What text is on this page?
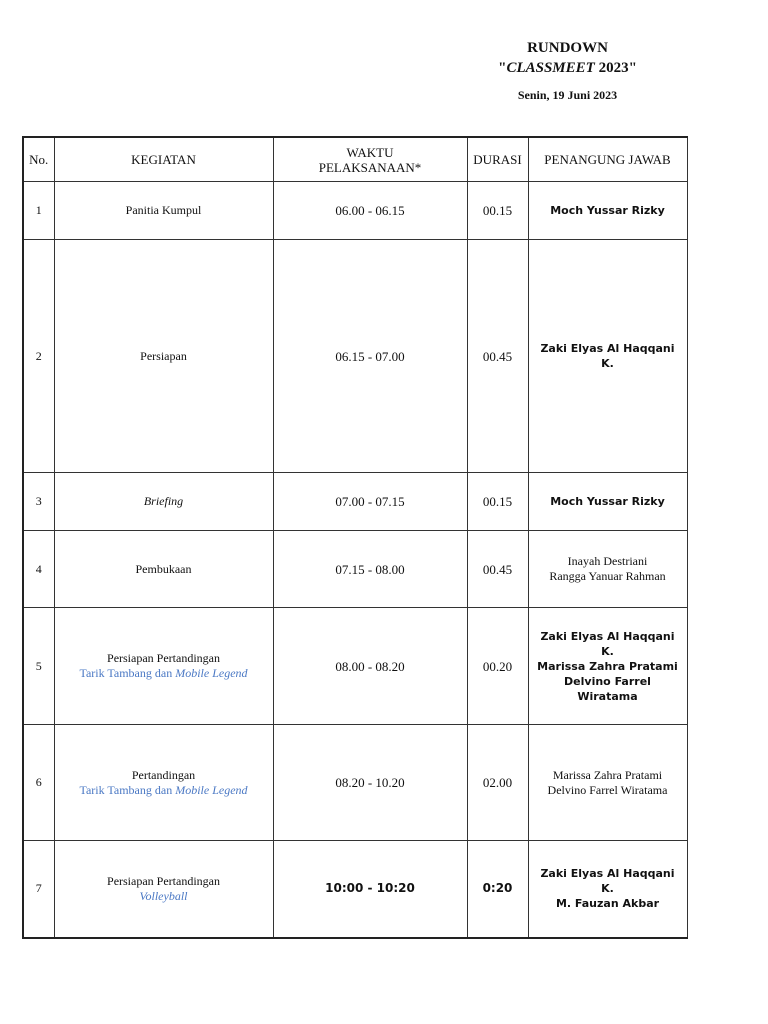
RUNDOWN
"CLASSMEET 2023"
Senin, 19 Juni 2023
No.	KEGIATAN	WAKTU PELAKSANAAN*	DURASI	PENANGUNG JAWAB
1	Panitia Kumpul	06.00 - 06.15	00.15	Moch Yussar Rizky

2	Persiapan	06.15 - 07.00	00.45	Zaki Elyas Al Haqqani K.

3	Briefing	07.00 - 07.15	00.15	Moch Yussar Rizky

4	Pembukaan	07.15 - 08.00	00.45	Inayah Destriani
Rangga Yanuar Rahman

5	Persiapan Pertandingan
Tarik Tambang dan Mobile Legend	08.00 - 08.20	00.20	Zaki Elyas Al Haqqani K.
Marissa Zahra Pratami
Delvino Farrel Wiratama

6	Pertandingan
Tarik Tambang dan Mobile Legend	08.20 - 10.20	02.00	Marissa Zahra Pratami
Delvino Farrel Wiratama

7	Persiapan Pertandingan
Volleyball	10:00 - 10:20	0:20	Zaki Elyas Al Haqqani K.
M. Fauzan Akbar
